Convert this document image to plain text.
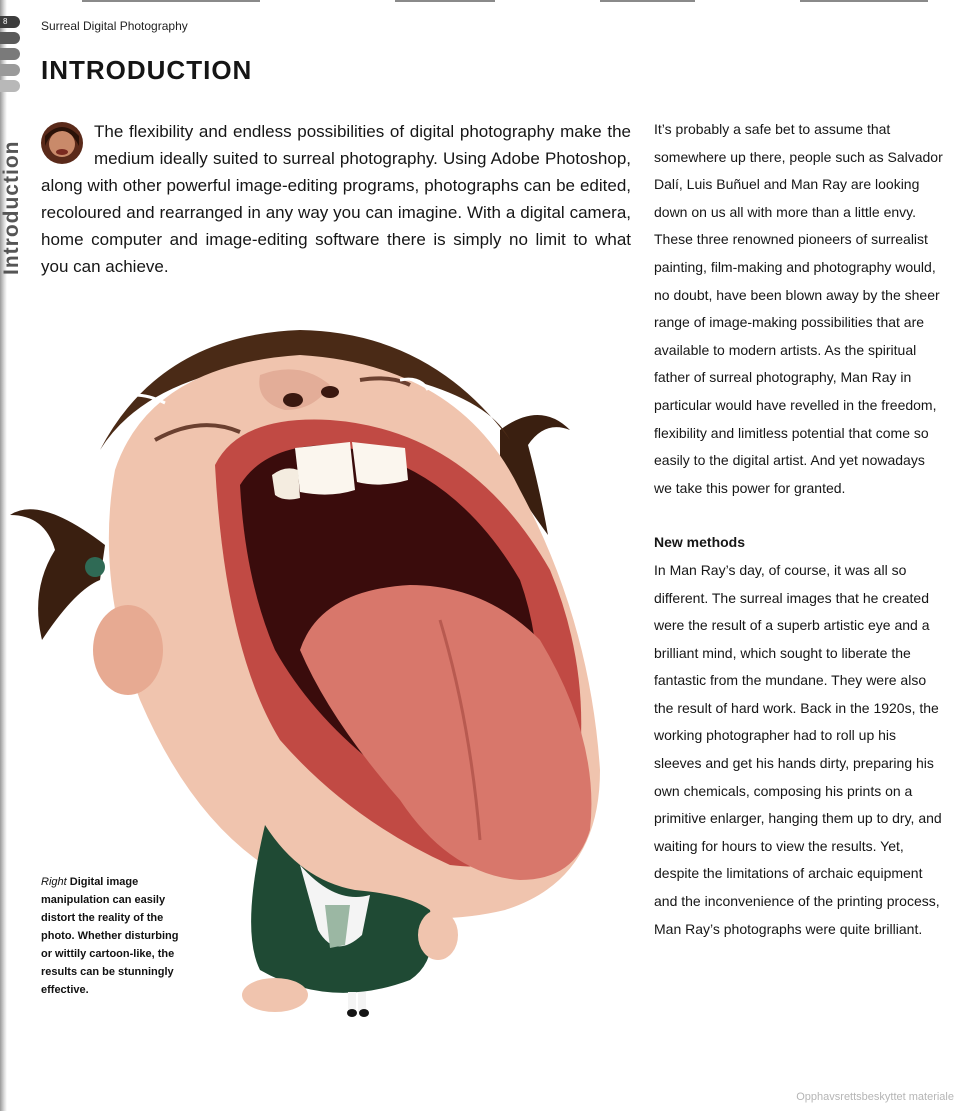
8
Introduction
Surreal Digital Photography
INTRODUCTION
The flexibility and endless possibilities of digital photography make the medium ideally suited to surreal photography. Using Adobe Photoshop, along with other powerful image-editing programs, photographs can be edited, recoloured and rearranged in any way you can imagine. With a digital camera, home computer and image-editing software there is simply no limit to what you can achieve.

It’s probably a safe bet to assume that somewhere up there, people such as Salvador Dalí, Luis Buñuel and Man Ray are looking down on us all with more than a little envy. These three renowned pioneers of surrealist painting, film-making and photography would, no doubt, have been blown away by the sheer range of image-making possibilities that are available to modern artists. As the spiritual father of surreal photography, Man Ray in particular would have revelled in the freedom, flexibility and limitless potential that come so easily to the digital artist. And yet nowadays we take this power for granted.

New methods

In Man Ray’s day, of course, it was all so different. The surreal images that he created were the result of a superb artistic eye and a brilliant mind, which sought to liberate the fantastic from the mundane. They were also the result of hard work. Back in the 1920s, the working photographer had to roll up his sleeves and get his hands dirty, preparing his own chemicals, composing his prints on a primitive enlarger, hanging them up to dry, and waiting for hours to view the results. Yet, despite the limitations of archaic equipment and the inconvenience of the printing process, Man Ray’s photographs were quite brilliant.

Right Digital image manipulation can easily distort the reality of the photo. Whether disturbing or wittily cartoon-like, the results can be stunningly effective.
Opphavsrettsbeskyttet materiale
